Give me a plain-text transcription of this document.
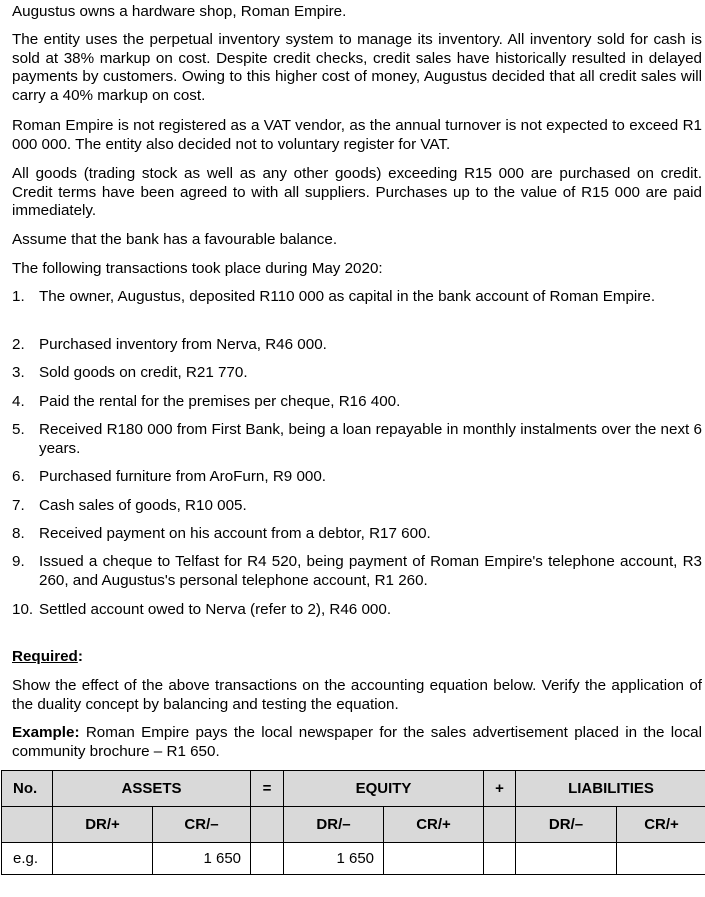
Augustus owns a hardware shop, Roman Empire.

The entity uses the perpetual inventory system to manage its inventory. All inventory sold for cash is sold at 38% markup on cost. Despite credit checks, credit sales have historically resulted in delayed payments by customers. Owing to this higher cost of money, Augustus decided that all credit sales will carry a 40% markup on cost.

Roman Empire is not registered as a VAT vendor, as the annual turnover is not expected to exceed R1 000 000. The entity also decided not to voluntary register for VAT.

All goods (trading stock as well as any other goods) exceeding R15 000 are purchased on credit. Credit terms have been agreed to with all suppliers. Purchases up to the value of R15 000 are paid immediately.

Assume that the bank has a favourable balance.

The following transactions took place during May 2020:

1. The owner, Augustus, deposited R110 000 as capital in the bank account of Roman Empire.

2. Purchased inventory from Nerva, R46 000.

3. Sold goods on credit, R21 770.

4. Paid the rental for the premises per cheque, R16 400.

5. Received R180 000 from First Bank, being a loan repayable in monthly instalments over the next 6 years.

6. Purchased furniture from AroFurn, R9 000.

7. Cash sales of goods, R10 005.

8. Received payment on his account from a debtor, R17 600.

9. Issued a cheque to Telfast for R4 520, being payment of Roman Empire's telephone account, R3 260, and Augustus's personal telephone account, R1 260.

10. Settled account owed to Nerva (refer to 2), R46 000.

Required:

Show the effect of the above transactions on the accounting equation below. Verify the application of the duality concept by balancing and testing the equation.

Example: Roman Empire pays the local newspaper for the sales advertisement placed in the local community brochure – R1 650.

No.	ASSETS		=	EQUITY		+	LIABILITIES	
	DR/+	CR/–		DR/–	CR/+		DR/–	CR/+
e.g.		1 650		1 650				
